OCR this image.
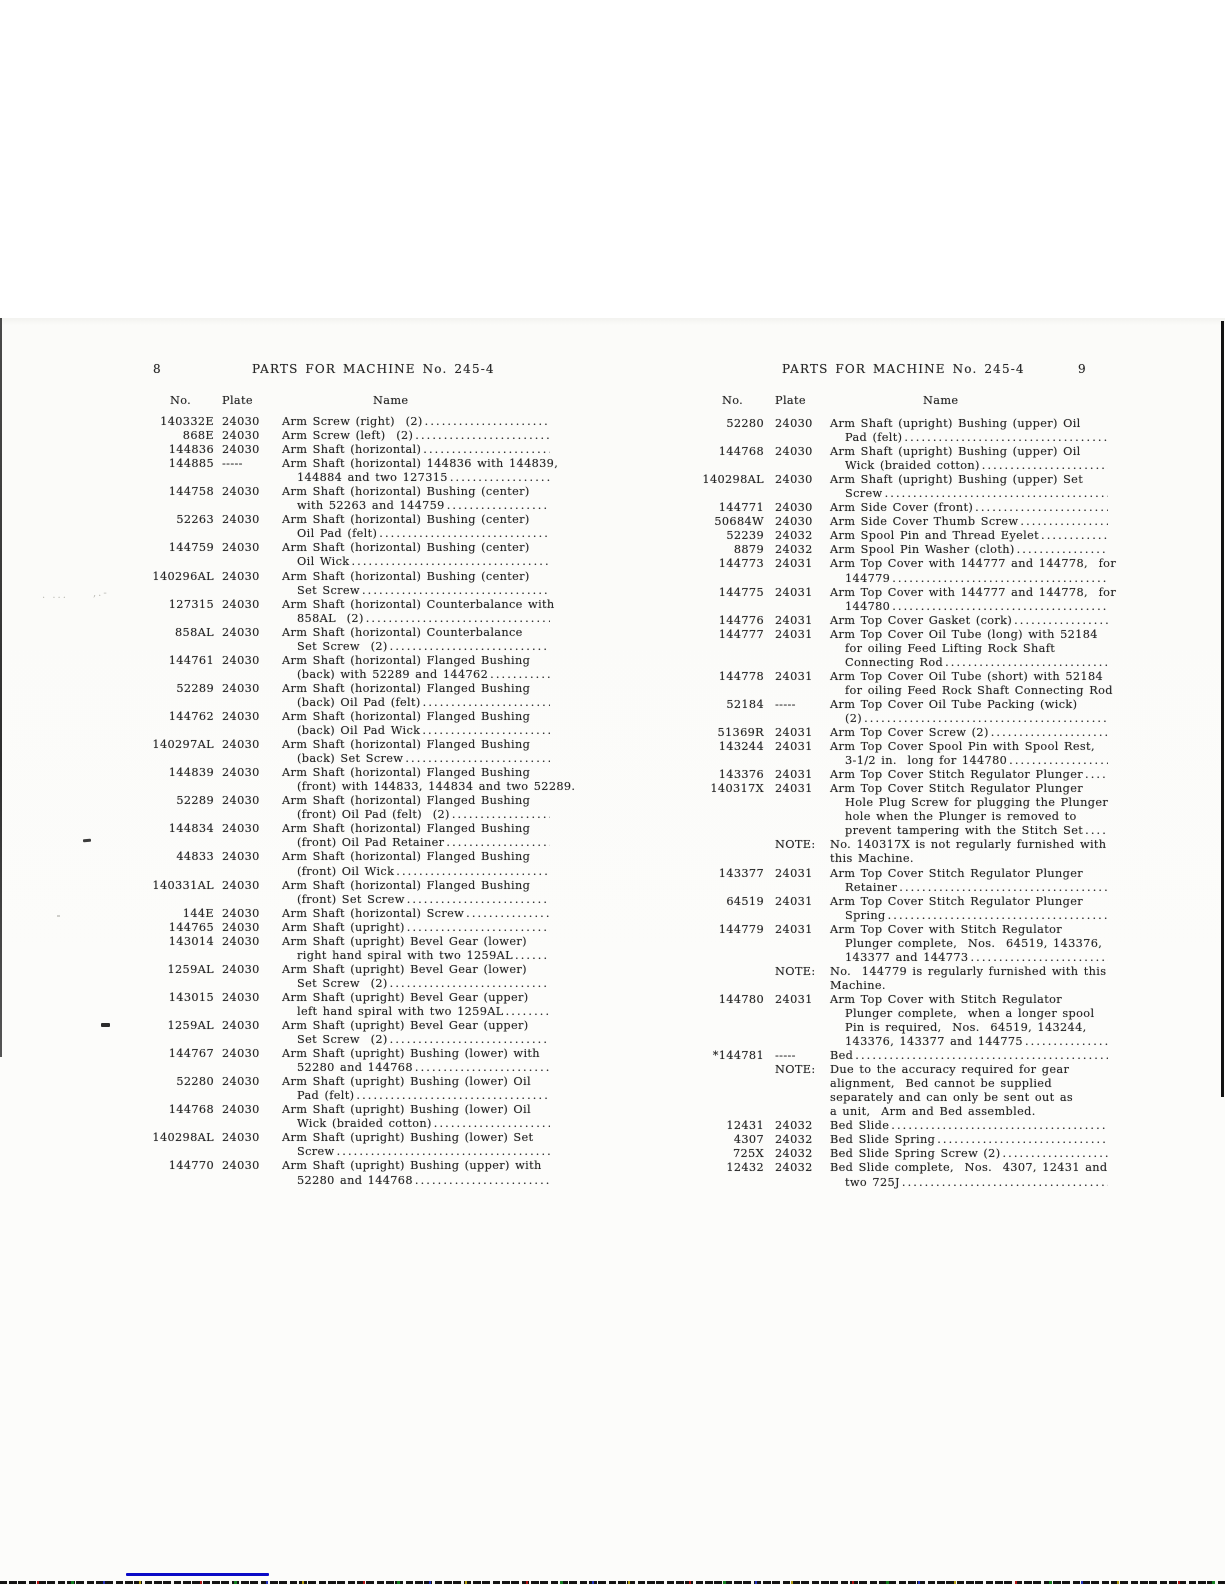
8	PARTS FOR MACHINE No. 245-4
No.	Plate	Name
140332E 24030 Arm Screw (right)  (2)
.....
868E 24030 Arm Screw (left)  (2)
.....
144836 24030 Arm Shaft (horizontal)
.....
144885 -----	Arm Shaft (horizontal) 144836 with 144839,
144884 and two 127315
.....
144758 24030 Arm Shaft (horizontal) Bushing (center)
with 52263 and 144759
.....
52263 24030 Arm Shaft (horizontal) Bushing (center)
Oil Pad (felt)
.....
144759 24030 Arm Shaft (horizontal) Bushing (center)
Oil Wick
.....
140296AL 24030 Arm Shaft (horizontal) Bushing (center)
Set Screw
.....
127315 24030 Arm Shaft (horizontal) Counterbalance with
858AL  (2)
.....
858AL 24030 Arm Shaft (horizontal) Counterbalance
Set Screw  (2)
.....
144761 24030 Arm Shaft (horizontal) Flanged Bushing
(back) with 52289 and 144762
.....
52289 24030 Arm Shaft (horizontal) Flanged Bushing
(back) Oil Pad (felt)
.....
144762 24030 Arm Shaft (horizontal) Flanged Bushing
(back) Oil Pad Wick
.....
140297AL 24030 Arm Shaft (horizontal) Flanged Bushing
(back) Set Screw
.....
144839 24030 Arm Shaft (horizontal) Flanged Bushing
(front) with 144833, 144834 and two 52289.
52289 24030 Arm Shaft (horizontal) Flanged Bushing
(front) Oil Pad (felt)  (2)
.....
144834 24030 Arm Shaft (horizontal) Flanged Bushing
(front) Oil Pad Retainer
.....
44833 24030 Arm Shaft (horizontal) Flanged Bushing
(front) Oil Wick
.....
140331AL 24030 Arm Shaft (horizontal) Flanged Bushing
(front) Set Screw
.....
144E 24030 Arm Shaft (horizontal) Screw
.....
144765 24030 Arm Shaft (upright)
.....
143014 24030 Arm Shaft (upright) Bevel Gear (lower)
right hand spiral with two 1259AL
.....
1259AL 24030 Arm Shaft (upright) Bevel Gear (lower)
Set Screw  (2)
.....
143015 24030 Arm Shaft (upright) Bevel Gear (upper)
left hand spiral with two 1259AL
.....
1259AL 24030 Arm Shaft (upright) Bevel Gear (upper)
Set Screw  (2)
.....
144767 24030 Arm Shaft (upright) Bushing (lower) with
52280 and 144768
.....
52280 24030 Arm Shaft (upright) Bushing (lower) Oil
Pad (felt)
.....
144768 24030 Arm Shaft (upright) Bushing (lower) Oil
Wick (braided cotton)
.....
140298AL 24030 Arm Shaft (upright) Bushing (lower) Set
Screw
.....
144770 24030 Arm Shaft (upright) Bushing (upper) with
52280 and 144768
.....
PARTS FOR MACHINE No. 245-4	9
No.	Plate	Name
52280 24030 Arm Shaft (upright) Bushing (upper) Oil
Pad (felt)
.....
144768 24030 Arm Shaft (upright) Bushing (upper) Oil
Wick (braided cotton)
.....
140298AL 24030 Arm Shaft (upright) Bushing (upper) Set
Screw
.....
144771 24030 Arm Side Cover (front)
.....
50684W 24030 Arm Side Cover Thumb Screw
.....
52239 24032 Arm Spool Pin and Thread Eyelet
.....
8879 24032 Arm Spool Pin Washer (cloth)
.....
144773 24031 Arm Top Cover with 144777 and 144778,  for
144779
.....
144775 24031 Arm Top Cover with 144777 and 144778,  for
144780
.....
144776 24031 Arm Top Cover Gasket (cork)
.....
144777 24031 Arm Top Cover Oil Tube (long) with 52184
for oiling Feed Lifting Rock Shaft
Connecting Rod
.....
144778 24031 Arm Top Cover Oil Tube (short) with 52184
for oiling Feed Rock Shaft Connecting Rod
52184 -----	Arm Top Cover Oil Tube Packing (wick)
(2)
.....
51369R 24031 Arm Top Cover Screw (2)
.....
143244 24031 Arm Top Cover Spool Pin with Spool Rest,
3-1/2 in.  long for 144780
.....
143376 24031 Arm Top Cover Stitch Regulator Plunger
.....
140317X 24031 Arm Top Cover Stitch Regulator Plunger
Hole Plug Screw for plugging the Plunger
hole when the Plunger is removed to
prevent tampering with the Stitch Set
.....
NOTE: No. 140317X is not regularly furnished with
this Machine.
143377 24031 Arm Top Cover Stitch Regulator Plunger
Retainer
.....
64519 24031 Arm Top Cover Stitch Regulator Plunger
Spring
.....
144779 24031 Arm Top Cover with Stitch Regulator
Plunger complete,  Nos.  64519, 143376,
143377 and 144773
.....
NOTE: No.  144779 is regularly furnished with this
Machine.
144780 24031 Arm Top Cover with Stitch Regulator
Plunger complete,  when a longer spool
Pin is required,  Nos.  64519, 143244,
143376, 143377 and 144775
.....
*144781 -----	Bed
.....
NOTE: Due to the accuracy required for gear
alignment,  Bed cannot be supplied
separately and can only be sent out as
a unit,  Arm and Bed assembled.
12431 24032 Bed Slide
.....
4307 24032 Bed Slide Spring
.....
725X 24032 Bed Slide Spring Screw (2)
.....
12432 24032 Bed Slide complete,  Nos.  4307, 12431 and
two 725J
.....
. ...	,.-
